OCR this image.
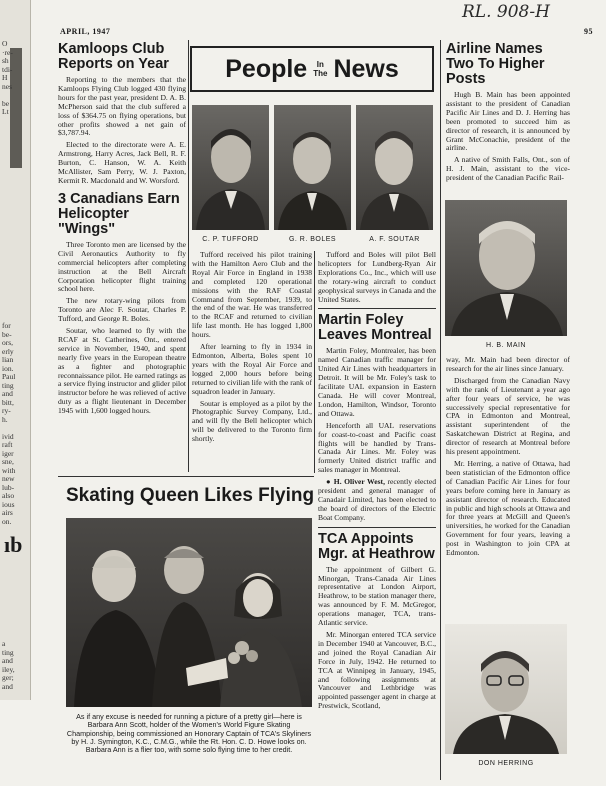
O
·re-
sh
tdi-
H
nes
be
Lt
for
be-
ors,
erly
lian
ion.
Paul
ting
and
bitt,
ry-
h.
ivid
raft
iger
sne,
with
new
lub-
also
ious
airs
on.
ıb
a
ting
and
iley,
ger;
and
APRIL, 1947	95
RL. 908-H
Kamloops Club Reports on Year

Reporting to the members that the Kamloops Flying Club logged 430 flying hours for the past year, president D. A. B. McPherson said that the club suffered a loss of $364.75 on flying operations, but other profits showed a net gain of $3,787.94.

Elected to the directorate were A. E. Armstrong, Harry Acres, Jack Bell, R. F. Burton, C. Hanson, W. A. Keith McAllister, Sam Perry, W. J. Paxton, Kermit R. Macdonald and W. Worsford.

3 Canadians Earn Helicopter "Wings"

Three Toronto men are licensed by the Civil Aeronautics Authority to fly commercial helicopters after completing instruction at the Bell Aircraft Corporation helicopter flight training school here.

The new rotary-wing pilots from Toronto are Alec F. Soutar, Charles P. Tufford, and George R. Boles.

Soutar, who learned to fly with the RCAF at St. Catherines, Ont., entered service in November, 1940, and spent nearly five years in the European theatre as a fighter and photographic reconnaissance pilot. He earned ratings as a service flying instructor and glider pilot instructor before he was relieved of active duty as a flight lieutenant in December 1945 with 1,600 logged hours.

People	In
The News
C. P. TUFFORD	G. R. BOLES	A. F. SOUTAR

Tufford received his pilot training with the Hamilton Aero Club and the Royal Air Force in England in 1938 and completed 120 operational missions with the RAF Coastal Command from September, 1939, to the end of the war. He was transferred to the RCAF and returned to civilian life last month. He has logged 1,800 hours.

After learning to fly in 1934 in Edmonton, Alberta, Boles spent 10 years with the Royal Air Force and logged 2,000 hours before being returned to civilian life with the rank of squadron leader in January.

Soutar is employed as a pilot by the Photographic Survey Company, Ltd., and will fly the Bell helicopter which will be delivered to the Toronto firm shortly.

Tufford and Boles will pilot Bell helicopters for Lundberg-Ryan Air Explorations Co., Inc., which will use the rotary-wing aircraft to conduct geophysical surveys in Canada and the United States.

Martin Foley Leaves Montreal

Martin Foley, Montrealer, has been named Canadian traffic manager for United Air Lines with headquarters in Detroit. It will be Mr. Foley's task to facilitate UAL expansion in Eastern Canada. He will cover Montreal, London, Hamilton, Windsor, Toronto and Ottawa.

Henceforth all UAL reservations for coast-to-coast and Pacific coast flights will be handled by Trans-Canada Air Lines. Mr. Foley was formerly United district traffic and sales manager in Montreal.

● H. Oliver West, recently elected president and general manager of Canadair Limited, has been elected to the board of directors of the Electric Boat Company.

TCA Appoints Mgr. at Heathrow

The appointment of Gilbert G. Minorgan, Trans-Canada Air Lines representative at London Airport, Heathrow, to be station manager there, was announced by F. M. McGregor, operations manager, TCA, trans-Atlantic service.

Mr. Minorgan entered TCA service in December 1940 at Vancouver, B.C., and joined the Royal Canadian Air Force in July, 1942. He returned to TCA at Winnipeg in January, 1945, and following assignments at Vancouver and Lethbridge was appointed passenger agent in charge at Prestwick, Scotland,

Skating Queen Likes Flying
As if any excuse is needed for running a picture of a pretty girl—here is Barbara Ann Scott, holder of the Women's World Figure Skating Championship, being commissioned an Honorary Captain of TCA's Skyliners by H. J. Symington, K.C., C.M.G., while the Rt. Hon. C. D. Howe looks on. Barbara Ann is a flier too, with some solo flying time to her credit.
Airline Names Two To Higher Posts

Hugh B. Main has been appointed assistant to the president of Canadian Pacific Air Lines and D. J. Herring has been promoted to succeed him as director of research, it is announced by Grant McConachie, president of the airline.

A native of Smith Falls, Ont., son of H. J. Main, assistant to the vice-president of the Canadian Pacific Rail-

H. B. MAIN

way, Mr. Main had been director of research for the air lines since January.

Discharged from the Canadian Navy with the rank of Lieutenant a year ago after four years of service, he was successively special representative for CPA in Edmonton and Montreal, assistant superintendent of the Saskatchewan District at Regina, and director of research at Montreal before his present appointment.

Mr. Herring, a native of Ottawa, had been statistician of the Edmonton office of Canadian Pacific Air Lines for four years before coming here in January as assistant director of research. Educated in public and high schools at Ottawa and for three years at McGill and Queen's universities, he worked for the Canadian Government for four years, leaving a post in Washington to join CPA at Edmonton.

DON HERRING
